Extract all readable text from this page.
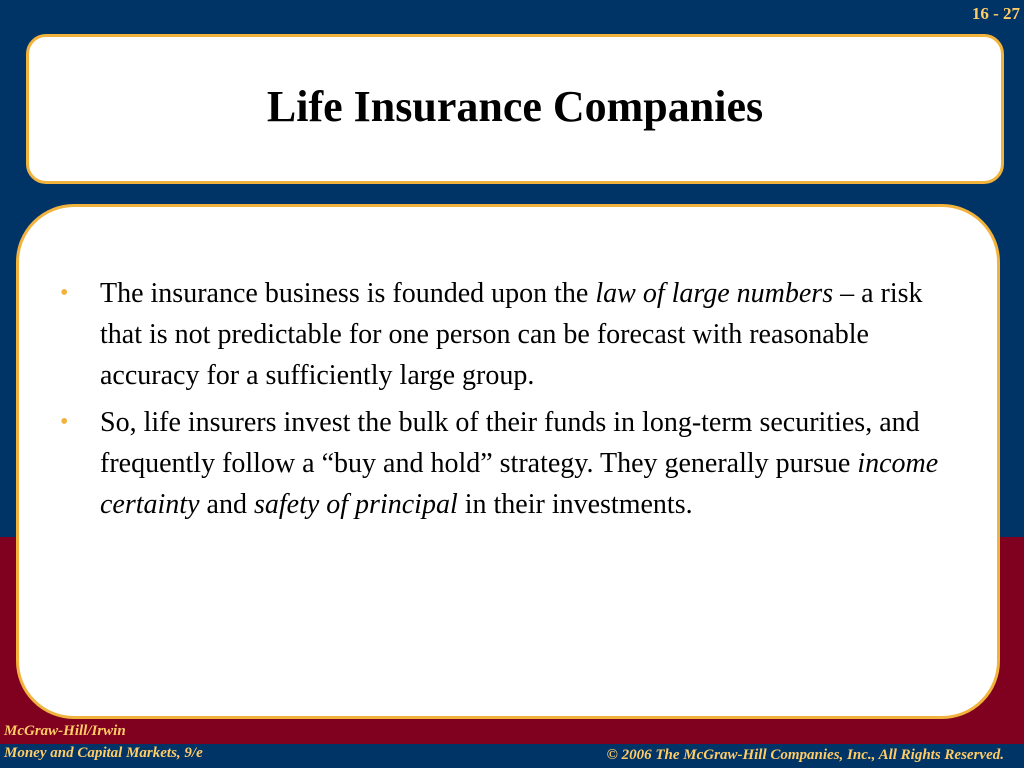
16 - 27
Life Insurance Companies
• The insurance business is founded upon the law of large numbers – a risk that is not predictable for one person can be forecast with reasonable accuracy for a sufficiently large group.
• So, life insurers invest the bulk of their funds in long-term securities, and frequently follow a “buy and hold” strategy. They generally pursue income certainty and safety of principal in their investments.
McGraw-Hill/Irwin
Money and Capital Markets, 9/e	© 2006 The McGraw-Hill Companies, Inc., All Rights Reserved.
